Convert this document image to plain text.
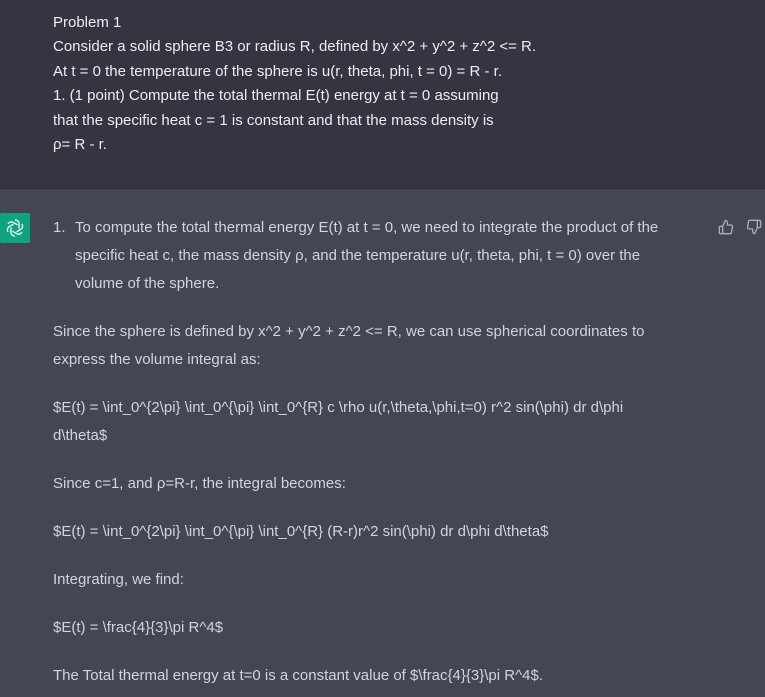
Problem 1
Consider a solid sphere B3 or radius R, defined by x^2 + y^2 + z^2 <= R.
At t = 0 the temperature of the sphere is u(r, theta, phi, t = 0) = R - r.
1. (1 point) Compute the total thermal E(t) energy at t = 0 assuming
that the specific heat c = 1 is constant and that the mass density is
ρ= R - r.
1. To compute the total thermal energy E(t) at t = 0, we need to integrate the product of the
specific heat c, the mass density ρ, and the temperature u(r, theta, phi, t = 0) over the
volume of the sphere.
Since the sphere is defined by x^2 + y^2 + z^2 <= R, we can use spherical coordinates to
express the volume integral as:
$E(t) = \int_0^{2\pi} \int_0^{\pi} \int_0^{R} c \rho u(r,\theta,\phi,t=0) r^2 sin(\phi) dr d\phi
d\theta$
Since c=1, and ρ=R-r, the integral becomes:
$E(t) = \int_0^{2\pi} \int_0^{\pi} \int_0^{R} (R-r)r^2 sin(\phi) dr d\phi d\theta$
Integrating, we find:
$E(t) = \frac{4}{3}\pi R^4$
The Total thermal energy at t=0 is a constant value of $\frac{4}{3}\pi R^4$.
